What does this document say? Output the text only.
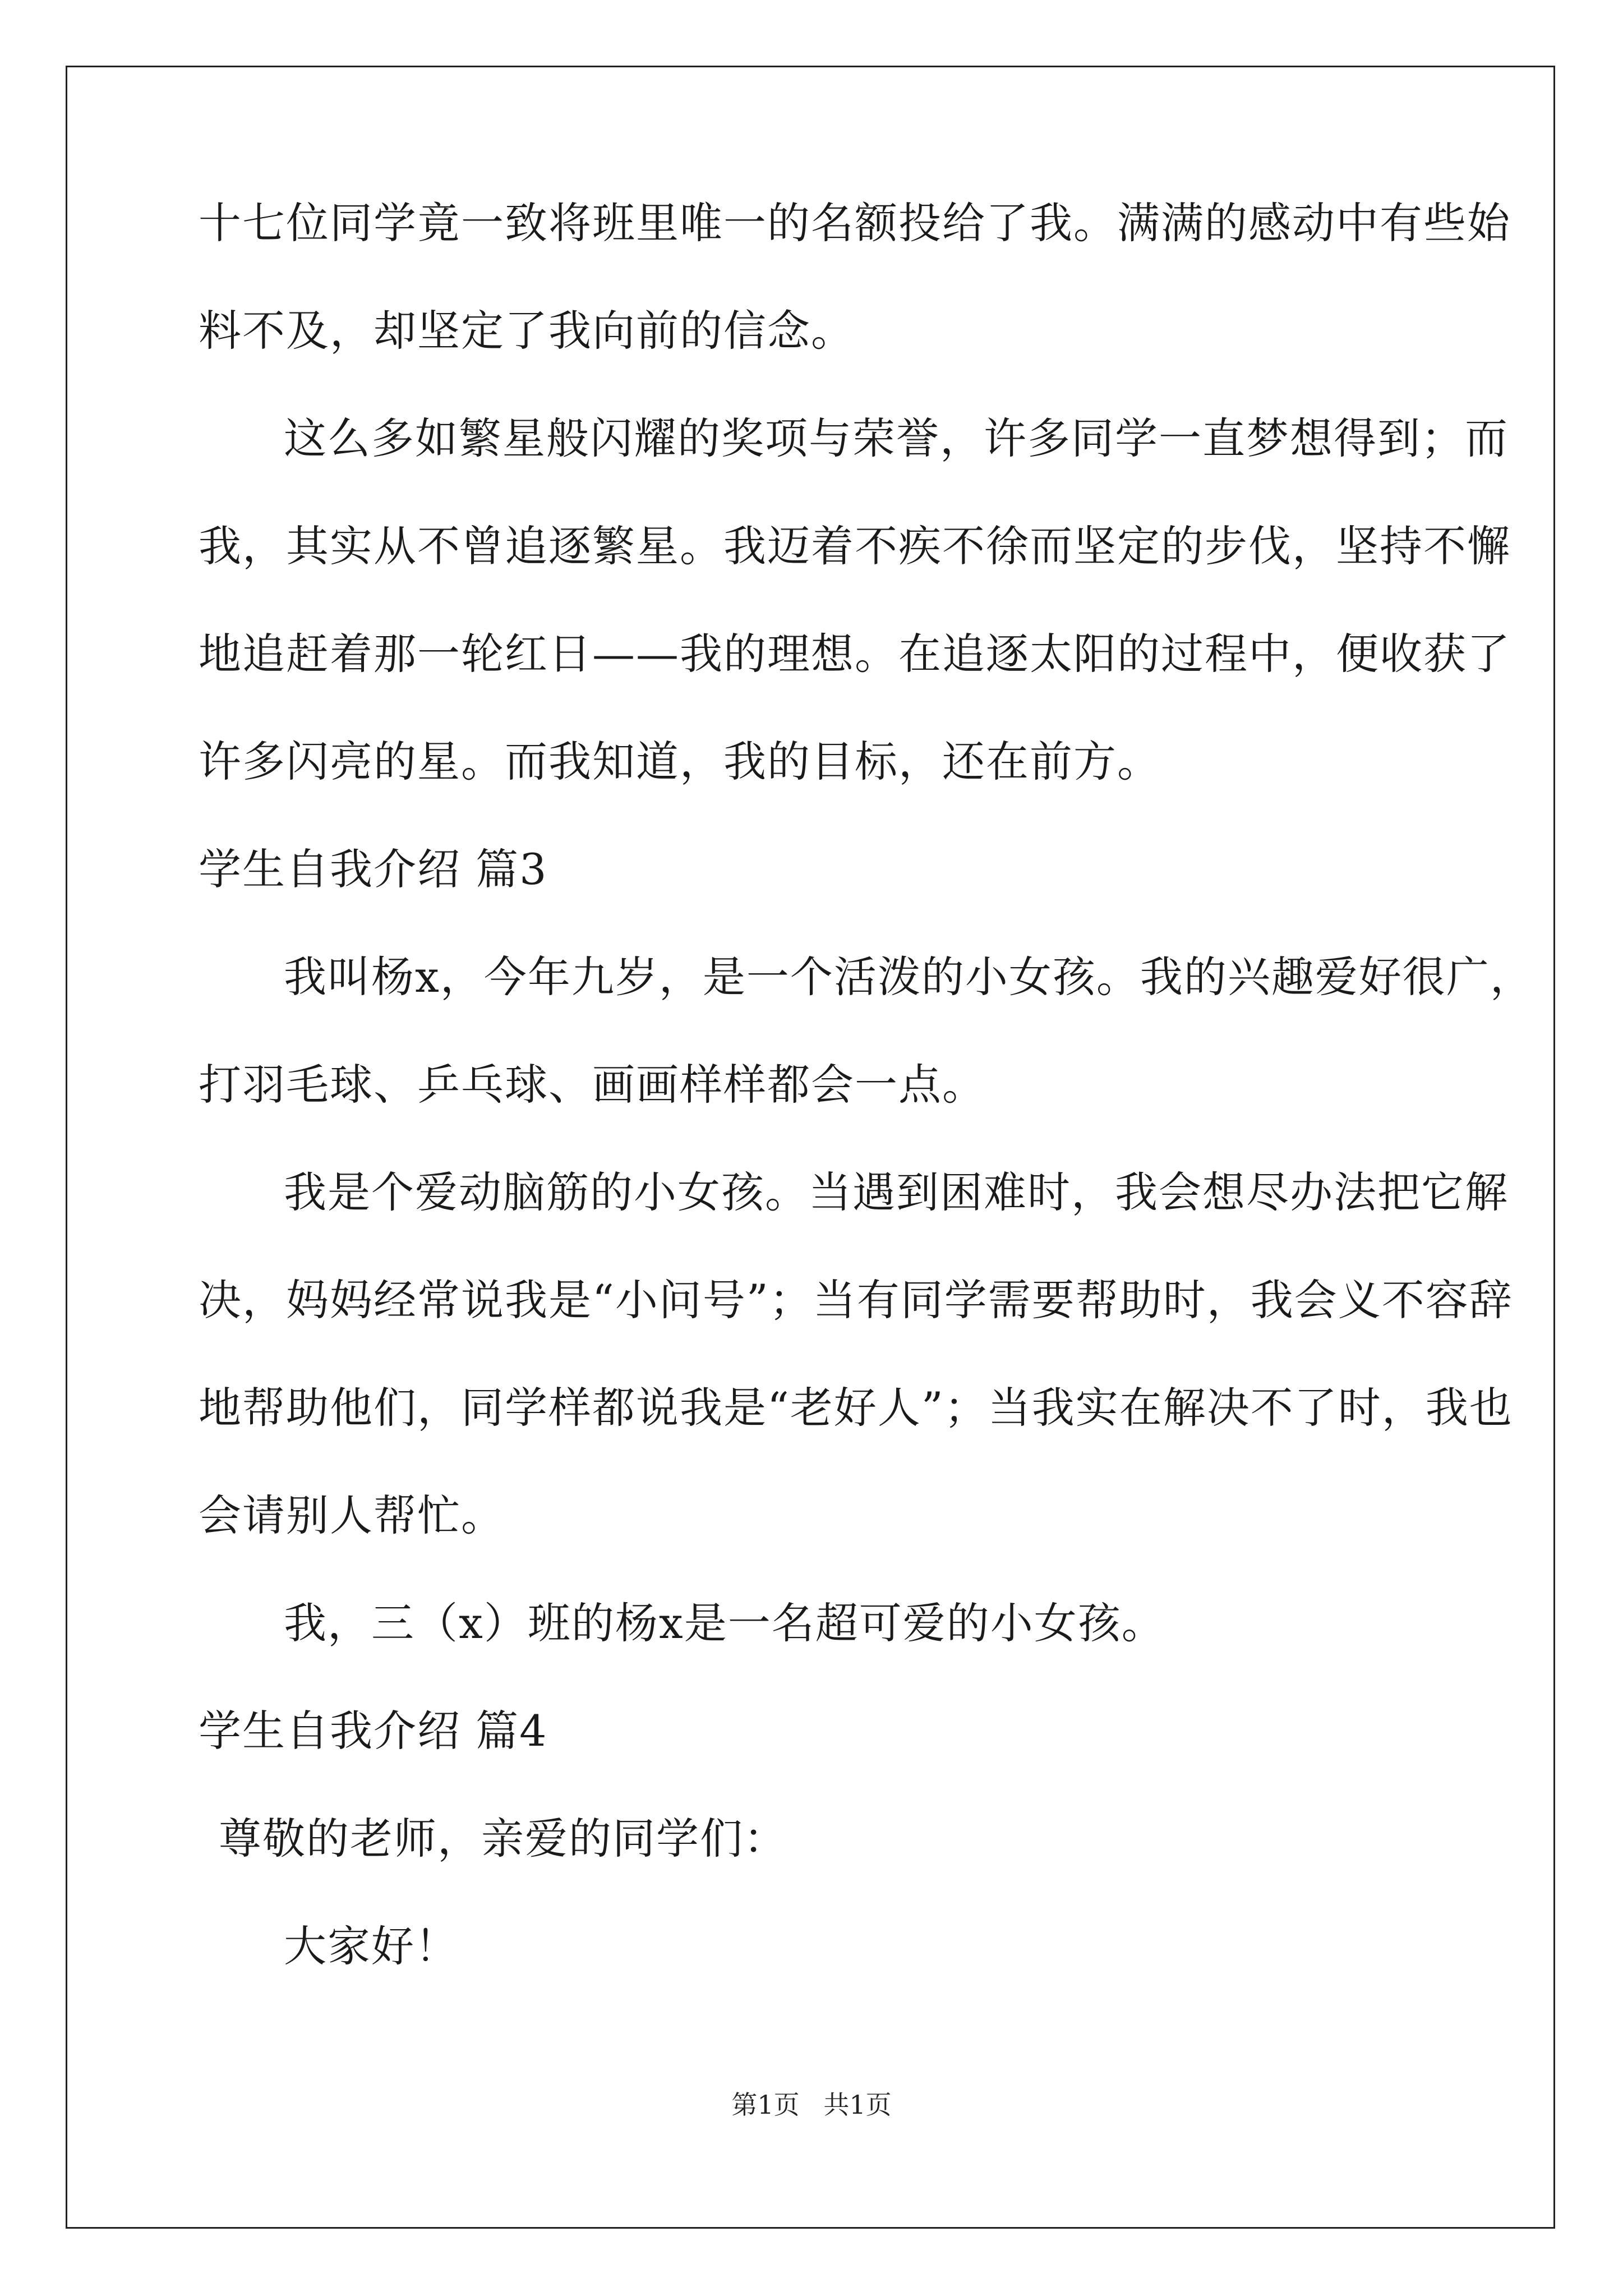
十七位同学竟一致将班里唯一的名额投给了我。满满的感动中有些始
料不及，却坚定了我向前的信念。
这么多如繁星般闪耀的奖项与荣誉，许多同学一直梦想得到；而
我，其实从不曾追逐繁星。我迈着不疾不徐而坚定的步伐，坚持不懈
地追赶着那一轮红日——我的理想。在追逐太阳的过程中，便收获了
许多闪亮的星。而我知道，我的目标，还在前方。
学生自我介绍 篇3
我叫杨x，今年九岁，是一个活泼的小女孩。我的兴趣爱好很广，
打羽毛球、乒乓球、画画样样都会一点。
我是个爱动脑筋的小女孩。当遇到困难时，我会想尽办法把它解
决，妈妈经常说我是“小问号”；当有同学需要帮助时，我会义不容辞
地帮助他们，同学样都说我是“老好人”；当我实在解决不了时，我也
会请别人帮忙。
我，三（x）班的杨x是一名超可爱的小女孩。
学生自我介绍 篇4
尊敬的老师，亲爱的同学们：
大家好！
第1页 共1页
